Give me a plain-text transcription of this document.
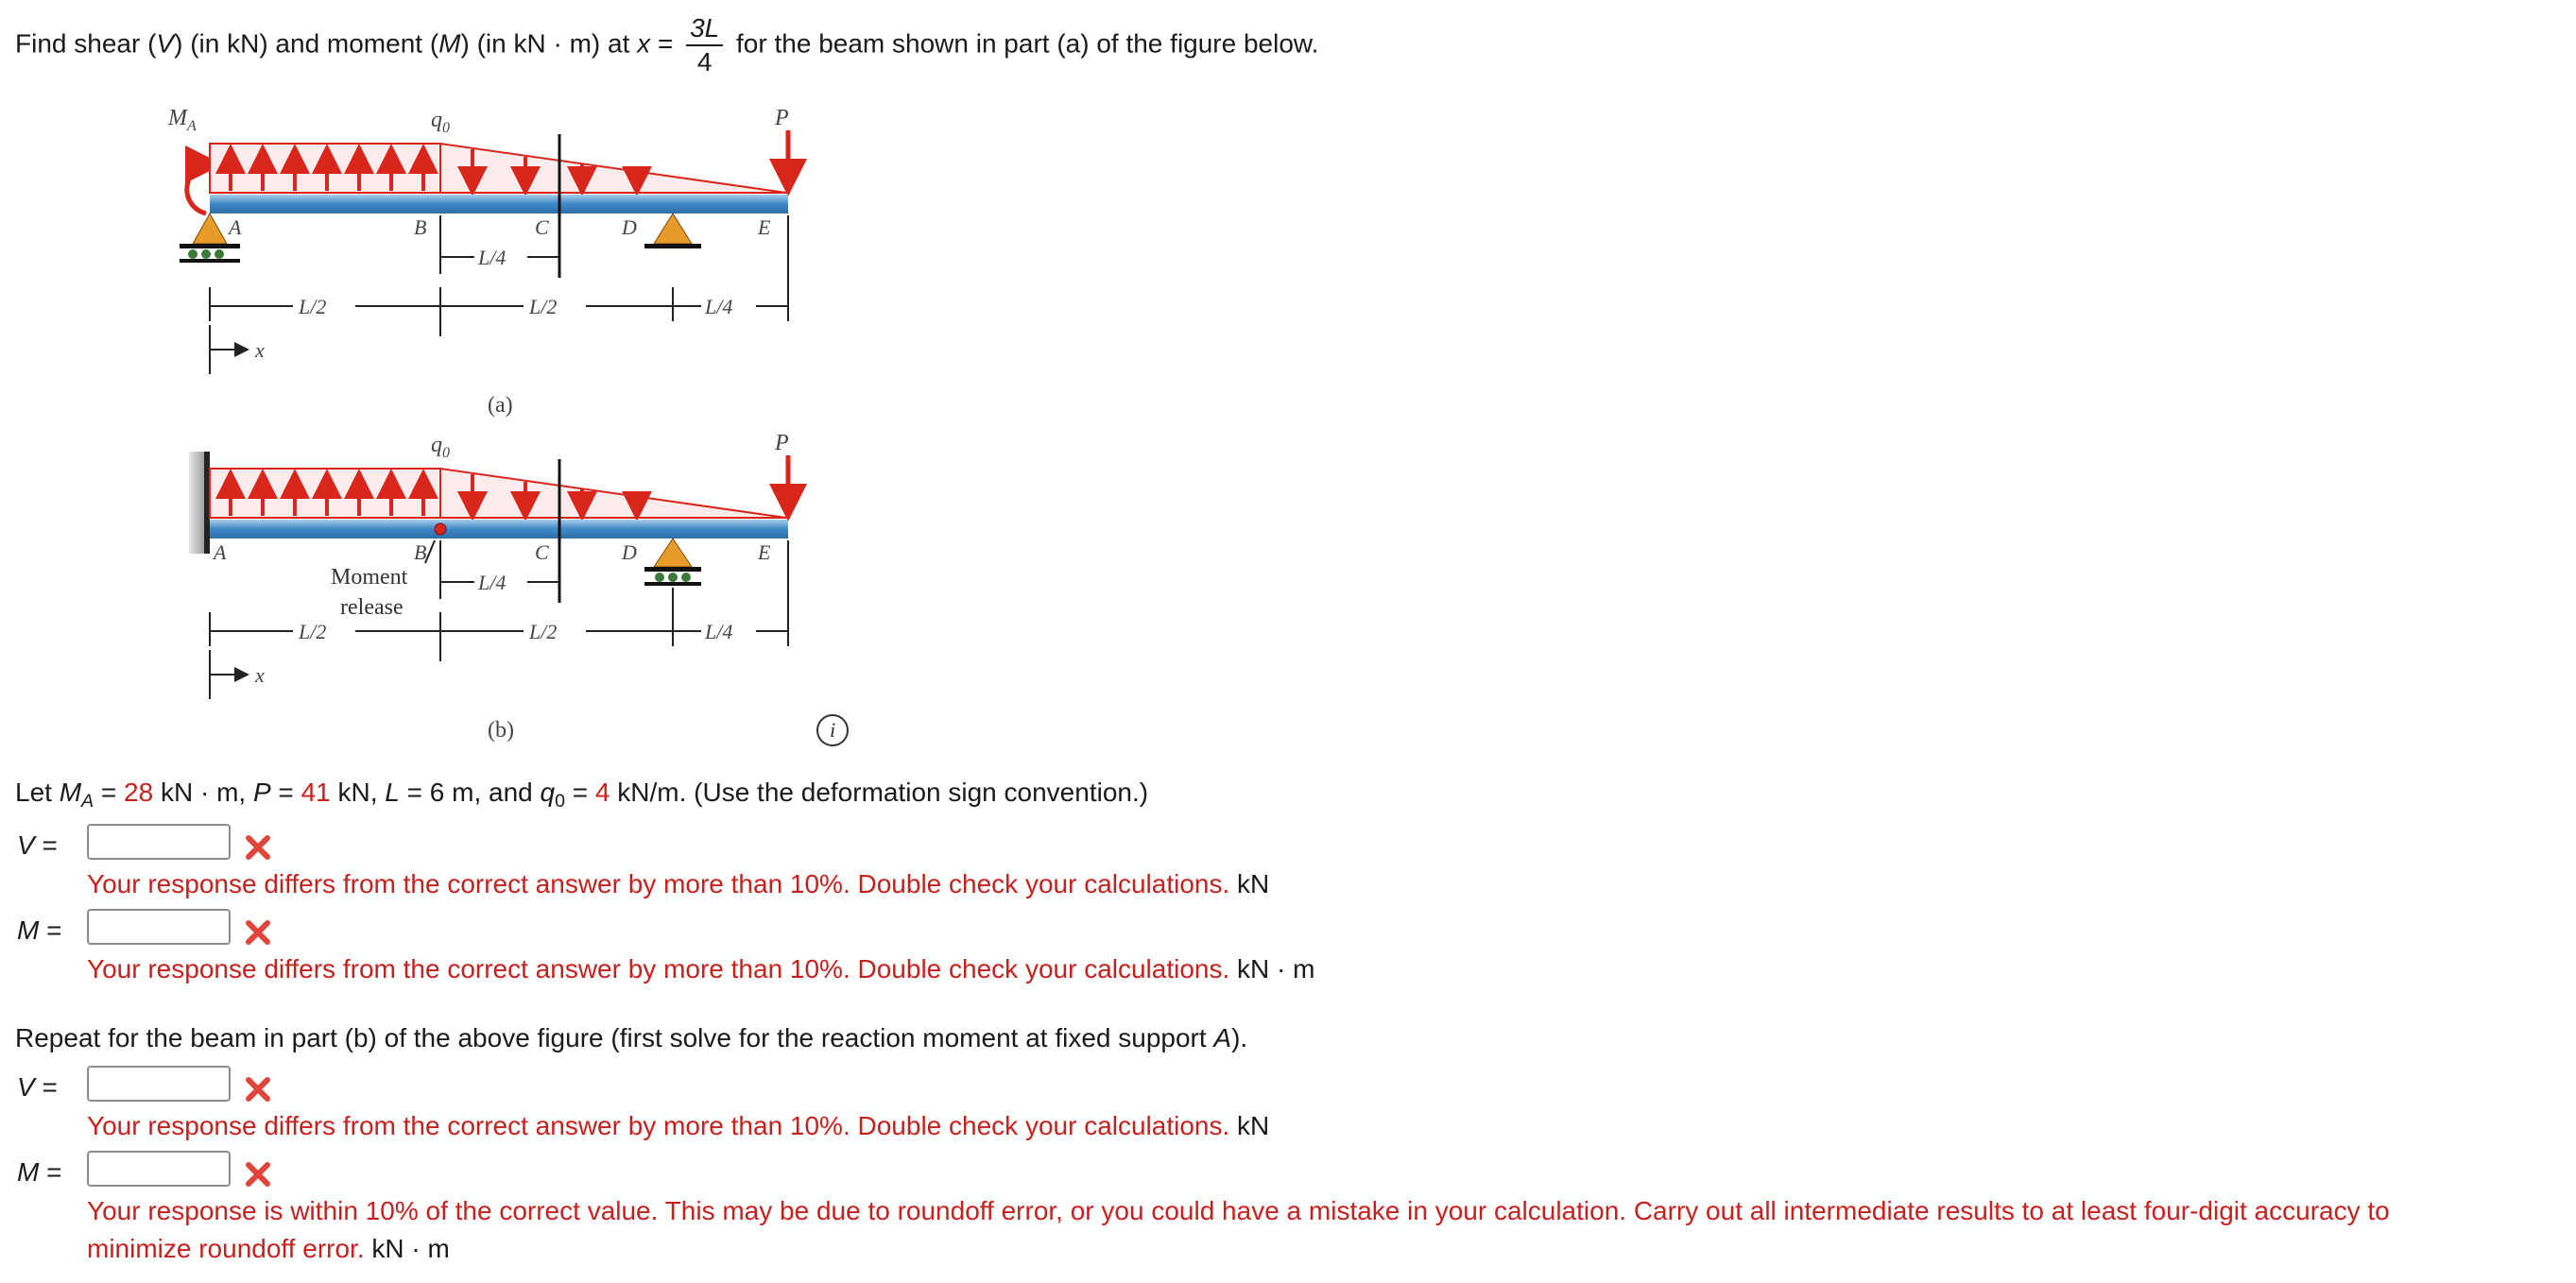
Find shear (V) (in kN) and moment (M) (in kN · m) at $x = \frac{3L}{4}$ for the beam shown in part (a) of the figure below.
$M_A$	$q_0$	P
A	B	C	D	E
L/4
L/2	L/2	L/4
x
(a)
$q_0$	P
A	B	C	D	E
Moment
release
L/4
L/2	L/2	L/4
x
(b)	i
Let $M_A = 28$ kN · m, P = 41 kN, L = 6 m, and $q_0 = 4$ kN/m. (Use the deformation sign convention.)
V =
Your response differs from the correct answer by more than 10%. Double check your calculations. kN
M =
Your response differs from the correct answer by more than 10%. Double check your calculations. kN · m
Repeat for the beam in part (b) of the above figure (first solve for the reaction moment at fixed support A).
V =
Your response differs from the correct answer by more than 10%. Double check your calculations. kN
M =
Your response is within 10% of the correct value. This may be due to roundoff error, or you could have a mistake in your calculation. Carry out all intermediate results to at least four-digit accuracy to
minimize roundoff error. kN · m
